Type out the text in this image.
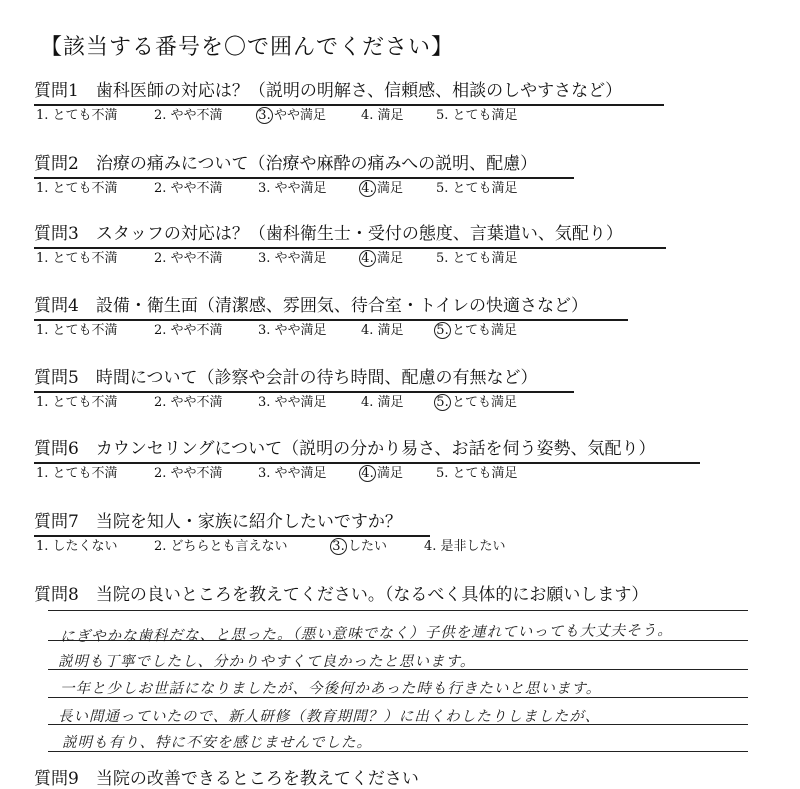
【該当する番号を〇で囲んでください】
質問1　歯科医師の対応は？（説明の明解さ、信頼感、相談のしやすさなど）
1. とても不満	2. やや不満	3. やや満足	4. 満足 5. とても満足
質問2　治療の痛みについて（治療や麻酔の痛みへの説明、配慮）
1. とても不満	2. やや不満	3. やや満足	4. 満足	5. とても満足
質問3　スタッフの対応は？（歯科衛生士・受付の態度、言葉遣い、気配り）
1. とても不満	2. やや不満	3. やや満足	4. 満足	5. とても満足
質問4　設備・衛生面（清潔感、雰囲気、待合室・トイレの快適さなど）
1. とても不満	2. やや不満	3. やや満足	4. 満足	5. とても満足
質問5　時間について（診察や会計の待ち時間、配慮の有無など）
1. とても不満	2. やや不満	3. やや満足	4. 満足	5. とても満足
質問6　カウンセリングについて（説明の分かり易さ、お話を伺う姿勢、気配り）
1. とても不満	2. やや不満	3. やや満足	4. 満足	5. とても満足
質問7　当院を知人・家族に紹介したいですか？
1. したくない	2. どちらとも言えない	3. したい	4. 是非したい
質問8　当院の良いところを教えてください。（なるべく具体的にお願いします）
にぎやかな歯科だな、と思った。（悪い意味でなく）子供を連れていっても大丈夫そう。
説明も丁寧でしたし、分かりやすくて良かったと思います。
一年と少しお世話になりましたが、今後何かあった時も行きたいと思います。
長い間通っていたので、新人研修（教育期間？）に出くわしたりしましたが、
説明も有り、特に不安を感じませんでした。
質問9　当院の改善できるところを教えてください
